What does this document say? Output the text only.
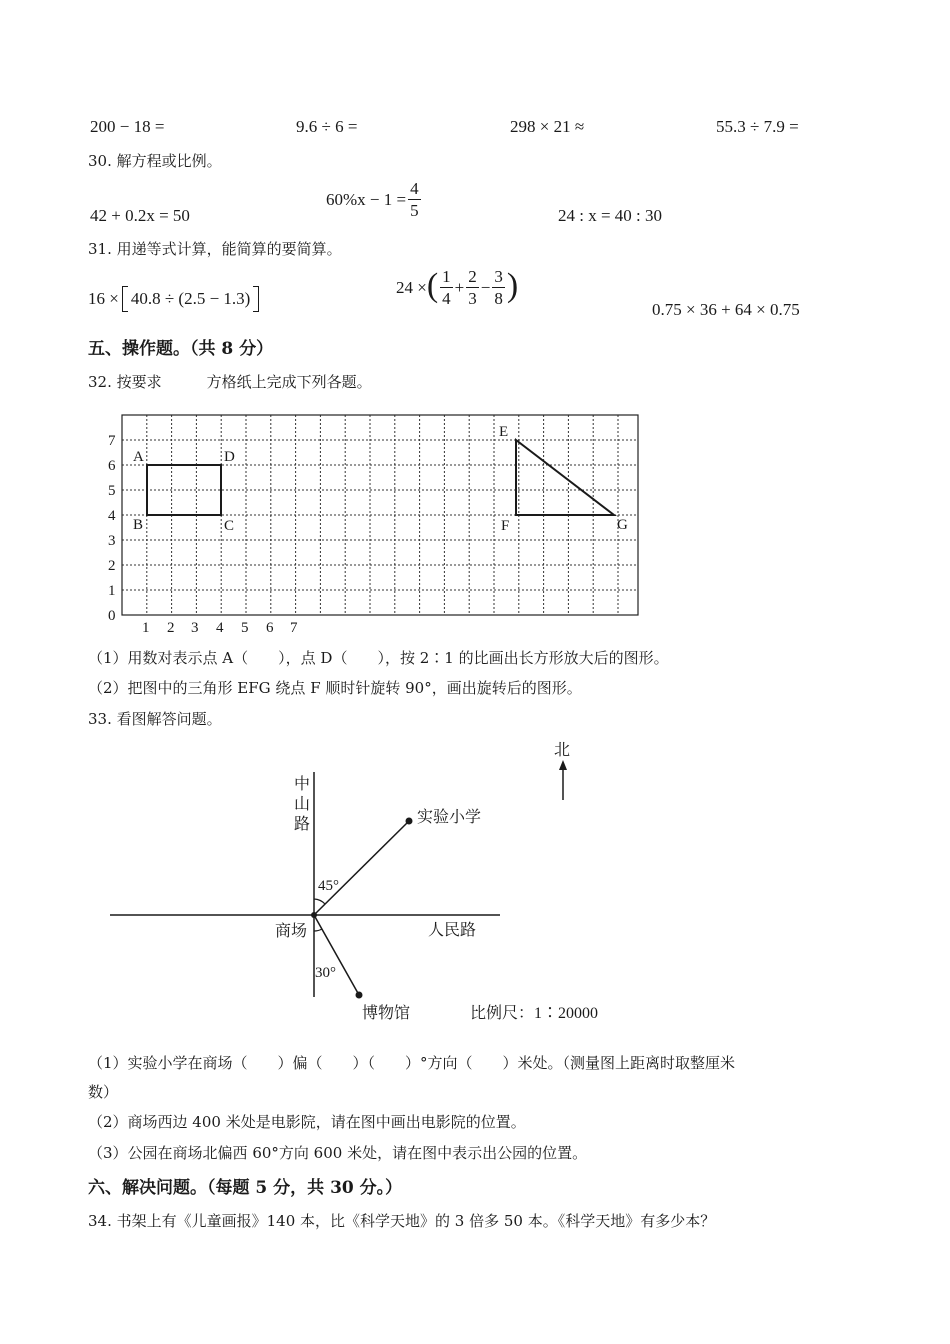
200 − 18 =	9.6 ÷ 6 =	298 × 21 ≈	55.3 ÷ 7.9 =
30. 解方程或比例。
42 + 0.2x = 50
$60\%x - 1 = \frac{4}{5}$	24 : x = 40 : 30
31. 用递等式计算，能简算的要简算。
16 × 40.8 ÷ (2.5 − 1.3)
24 × ( $\frac{1}{4} + \frac{2}{3} - \frac{3}{8}$ )
0.75 × 36 + 64 × 0.75
五、操作题。（共 8 分）
32. 按要求　　　方格纸上完成下列各题。
0
1
2
3
4
5
6
7
1 2 3 4 5 6 7
A	D
B	C
E
F	G
（1）用数对表示点 A（　　），点 D（　　），按 2∶1 的比画出长方形放大后的图形。
（2）把图中的三角形 EFG 绕点 F 顺时针旋转 90°，画出旋转后的图形。
33. 看图解答问题。
北
中 山 路
人民路
45°
30°
实验小学
商场
博物馆	比例尺：1∶20000
（1）实验小学在商场（　　）偏（　　）（　　）°方向（　　）米处。（测量图上距离时取整厘米
数）
（2）商场西边 400 米处是电影院，请在图中画出电影院的位置。
（3）公园在商场北偏西 60°方向 600 米处，请在图中表示出公园的位置。
六、解决问题。（每题 5 分，共 30 分。）
34. 书架上有《儿童画报》140 本，比《科学天地》的 3 倍多 50 本。《科学天地》有多少本？
